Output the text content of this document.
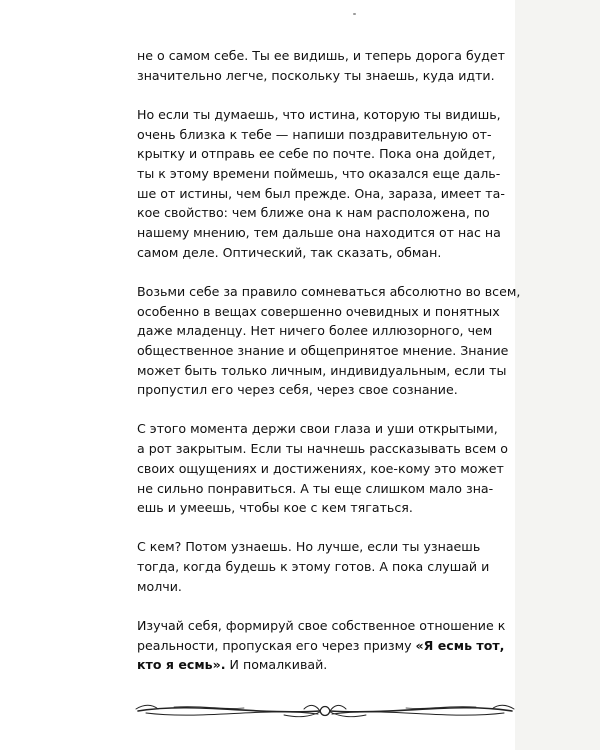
не о самом себе. Ты ее видишь, и теперь дорога будет
значительно легче, поскольку ты знаешь, куда идти.

Но если ты думаешь, что истина, которую ты видишь,
очень близка к тебе — напиши поздравительную от-
крытку и отправь ее себе по почте. Пока она дойдет,
ты к этому времени поймешь, что оказался еще даль-
ше от истины, чем был прежде. Она, зараза, имеет та-
кое свойство: чем ближе она к нам расположена, по
нашему мнению, тем дальше она находится от нас на
самом деле. Оптический, так сказать, обман.

Возьми себе за правило сомневаться абсолютно во всем,
особенно в вещах совершенно очевидных и понятных
даже младенцу. Нет ничего более иллюзорного, чем
общественное знание и общепринятое мнение. Знание
может быть только личным, индивидуальным, если ты
пропустил его через себя, через свое сознание.

С этого момента держи свои глаза и уши открытыми,
а рот закрытым. Если ты начнешь рассказывать всем о
своих ощущениях и достижениях, кое-кому это может
не сильно понравиться. А ты еще слишком мало зна-
ешь и умеешь, чтобы кое с кем тягаться.

С кем? Потом узнаешь. Но лучше, если ты узнаешь
тогда, когда будешь к этому готов. А пока слушай и
молчи.

Изучай себя, формируй свое собственное отношение к
реальности, пропуская его через призму «Я есмь тот,
кто я есмь». И помалкивай.
